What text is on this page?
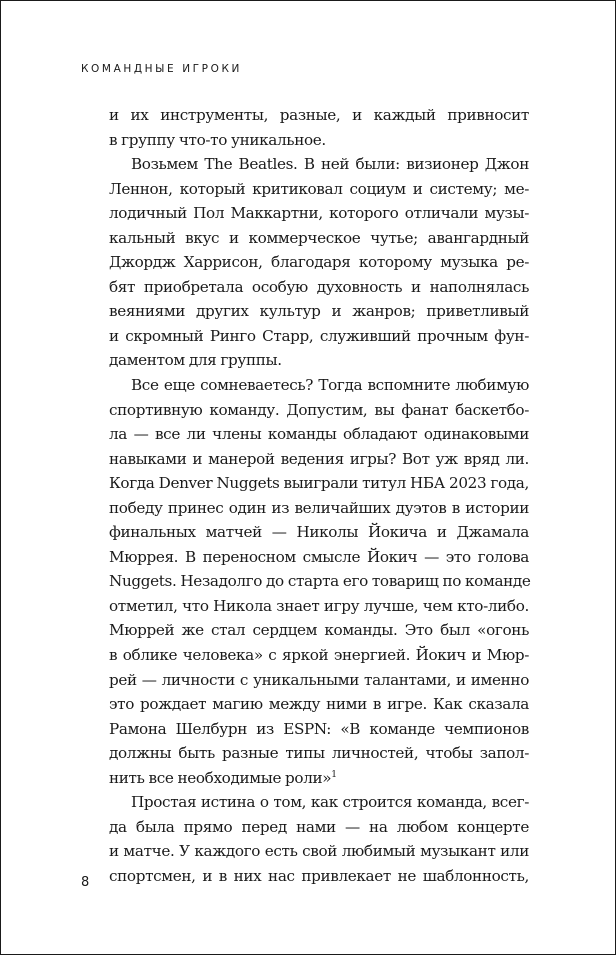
КОМАНДНЫЕ ИГРОКИ
и их инструменты, разные, и каждый привносит
в группу что-то уникальное.
Возьмем The Beatles. В ней были: визионер Джон
Леннон, который критиковал социум и систему; ме-
лодичный Пол Маккартни, которого отличали музы-
кальный вкус и коммерческое чутье; авангардный
Джордж Харрисон, благодаря которому музыка ре-
бят приобретала особую духовность и наполнялась
веяниями других культур и жанров; приветливый
и скромный Ринго Старр, служивший прочным фун-
даментом для группы.
Все еще сомневаетесь? Тогда вспомните любимую
спортивную команду. Допустим, вы фанат баскетбо-
ла — все ли члены команды обладают одинаковыми
навыками и манерой ведения игры? Вот уж вряд ли.
Когда Denver Nuggets выиграли титул НБА 2023 года,
победу принес один из величайших дуэтов в истории
финальных матчей — Николы Йокича и Джамала
Мюррея. В переносном смысле Йокич — это голова
Nuggets. Незадолго до старта его товарищ по команде
отметил, что Никола знает игру лучше, чем кто-либо.
Мюррей же стал сердцем команды. Это был «огонь
в облике человека» с яркой энергией. Йокич и Мюр-
рей — личности с уникальными талантами, и именно
это рождает магию между ними в игре. Как сказала
Рамона Шелбурн из ESPN: «В команде чемпионов
должны быть разные типы личностей, чтобы запол-
нить все необходимые роли»$^1$
Простая истина о том, как строится команда, всег-
да была прямо перед нами — на любом концерте
и матче. У каждого есть свой любимый музыкант или
спортсмен, и в них нас привлекает не шаблонность,
8
